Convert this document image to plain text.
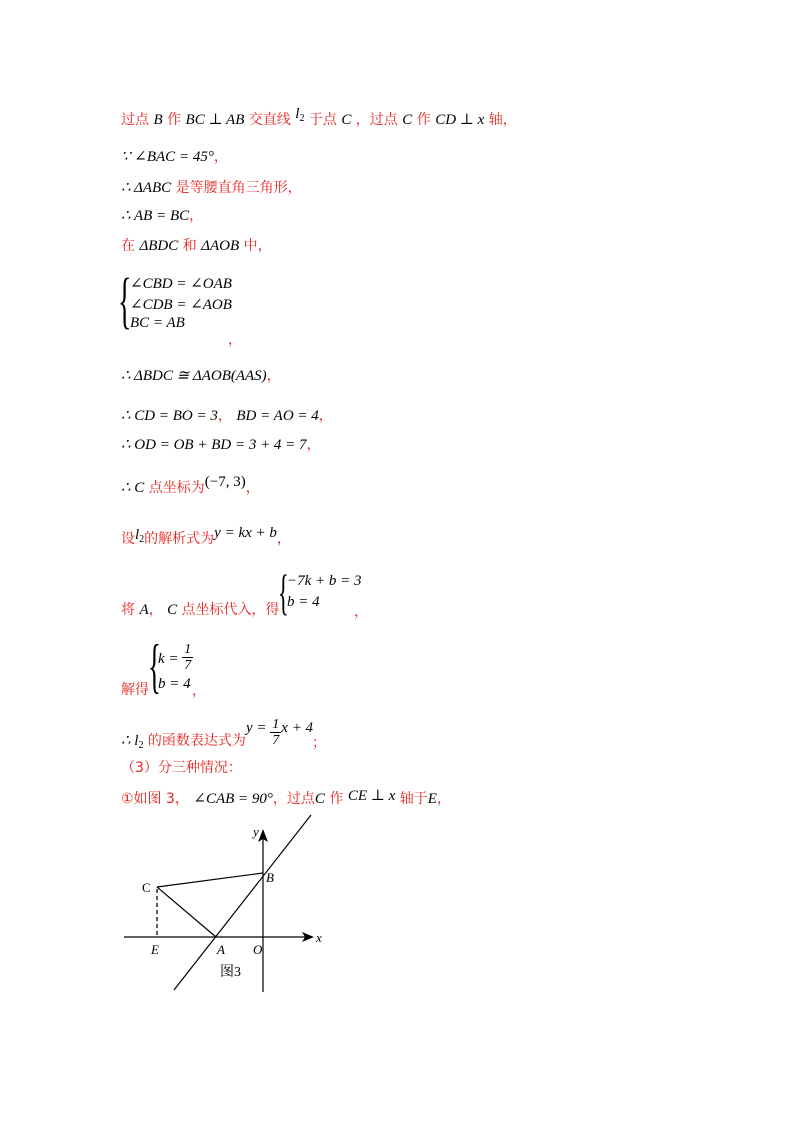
过点 B 作 BC ⊥ AB 交直线 $l_2$ 于点 C ，过点 C 作 CD ⊥ x 轴，
∵ ∠BAC = 45°，
∴ ΔABC 是等腰直角三角形，
∴ AB = BC，
在 ΔBDC 和 ΔAOB 中，
{
∠CBD = ∠OAB
∠CDB = ∠AOB
BC = AB
，
∴ ΔBDC ≅ ΔAOB(AAS)，
∴ CD = BO = 3， BD = AO = 4，
∴ OD = OB + BD = 3 + 4 = 7，
∴ C 点坐标为(−7, 3)，
设$l_2$的解析式为y = kx + b，
将 A， C 点坐标代入，得
{
−7k + b = 3
b = 4
，
{
$k = \frac{1}{7}$
b = 4
解得	，
∴ $l_2$ 的函数表达式为
$y = \frac{1}{7}$ x + 4
；
（3）分三种情况：
①如图 3， ∠CAB = 90°，过点C 作 CE ⊥ x 轴于E，
y
x
B
C
E	A O
图3
